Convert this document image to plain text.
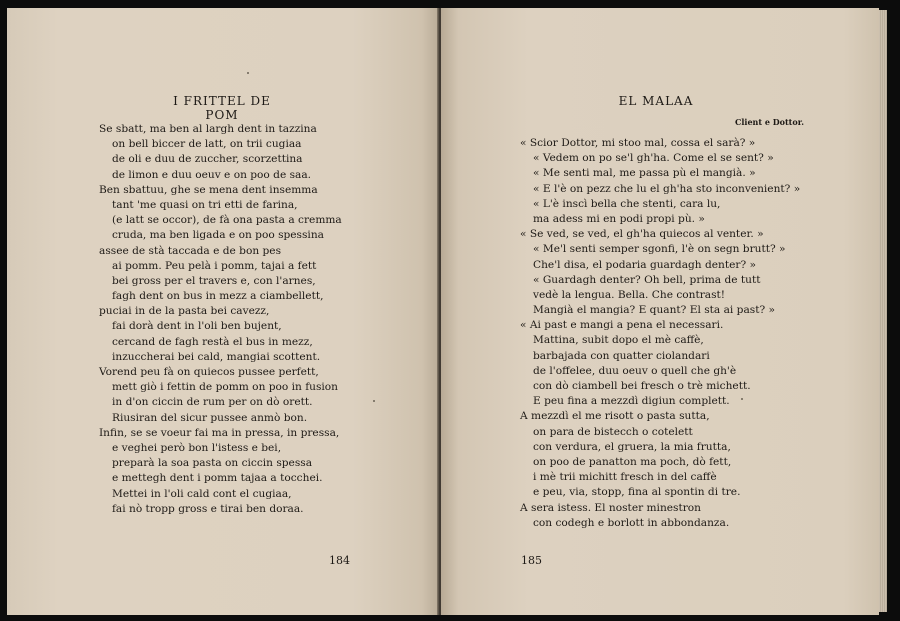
I FRITTEL DE POM
Se sbatt, ma ben al largh dent in tazzina
on bell biccer de latt, on trii cugiaa
de oli e duu de zuccher, scorzettina
de limon e duu oeuv e on poo de saa.
Ben sbattuu, ghe se mena dent insemma
tant 'me quasi on tri etti de farina,
(e latt se occor), de fà ona pasta a cremma
cruda, ma ben ligada e on poo spessina
assee de stà taccada e de bon pes
ai pomm. Peu pelà i pomm, tajai a fett
bei gross per el travers e, con l'arnes,
fagh dent on bus in mezz a ciambellett,
puciai in de la pasta bei cavezz,
fai dorà dent in l'oli ben bujent,
cercand de fagh restà el bus in mezz,
inzuccherai bei cald, mangiai scottent.
Vorend peu fà on quiecos pussee perfett,
mett giò i fettin de pomm on poo in fusion
in d'on ciccin de rum per on dò orett.
Riusiran del sicur pussee anmò bon.
Infin, se se voeur fai ma in pressa, in pressa,
e veghei però bon l'istess e bei,
preparà la soa pasta on ciccin spessa
e mettegh dent i pomm tajaa a tocchei.
Mettei in l'oli cald cont el cugiaa,
fai nò tropp gross e tirai ben doraa.
184
EL MALAA
Client e Dottor.
« Scior Dottor, mi stoo mal, cossa el sarà? »
« Vedem on po se'l gh'ha. Come el se sent? »
« Me senti mal, me passa pù el mangià. »
« E l'è on pezz che lu el gh'ha sto inconvenient? »
« L'è inscì bella che stenti, cara lu,
ma adess mi en podi propi pù. »
« Se ved, se ved, el gh'ha quiecos al venter. »
« Me'l senti semper sgonfi, l'è on segn brutt? »
Che'l disa, el podaria guardagh denter? »
« Guardagh denter? Oh bell, prima de tutt
vedè la lengua. Bella. Che contrast!
Mangià el mangia? E quant? El sta ai past? »
« Ai past e mangi a pena el necessari.
Mattina, subit dopo el mè caffè,
barbajada con quatter ciolandari
de l'offelee, duu oeuv o quell che gh'è
con dò ciambell bei fresch o trè michett.
E peu fina a mezzdì digiun complett.
A mezzdì el me risott o pasta sutta,
on para de bistecch o cotelett
con verdura, el gruera, la mia frutta,
on poo de panatton ma poch, dò fett,
i mè trii michitt fresch in del caffè
e peu, via, stopp, fina al spontin di tre.
A sera istess. El noster minestron
con codegh e borlott in abbondanza.
185
